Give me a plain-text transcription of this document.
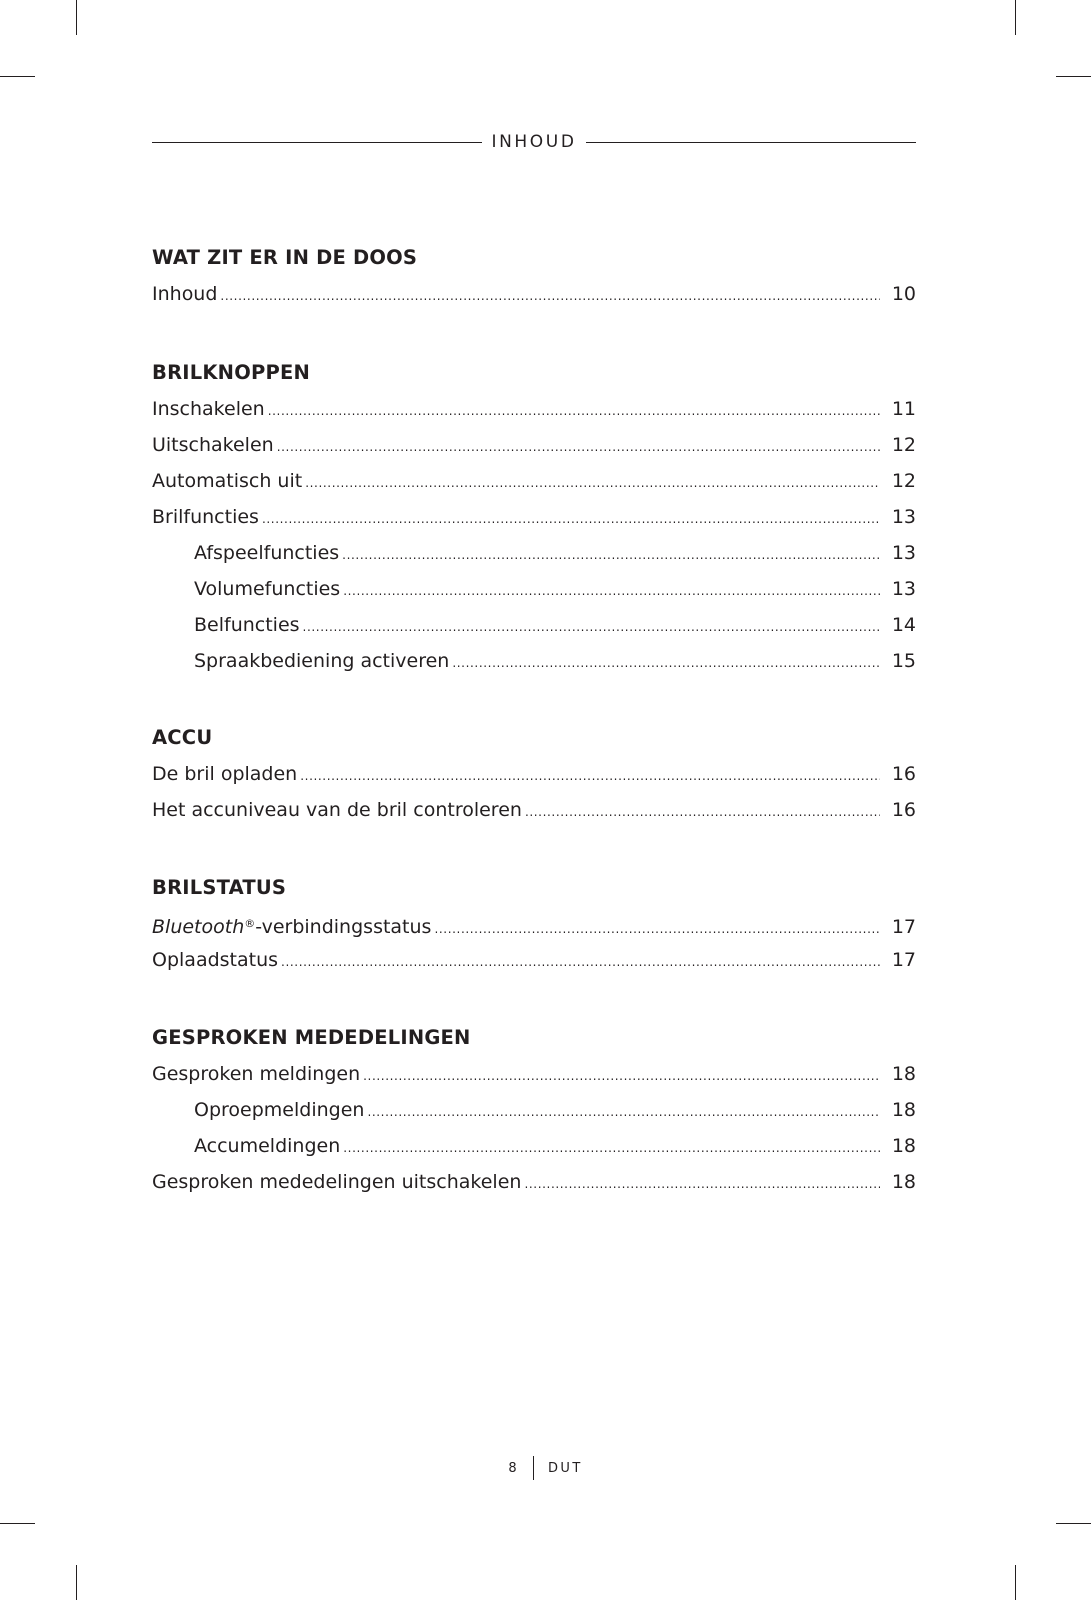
INHOUD
WAT ZIT ER IN DE DOOS
Inhoud .....	10
BRILKNOPPEN
Inschakelen .....	11
Uitschakelen .....	12
Automatisch uit .....	12
Brilfuncties .....	13
Afspeelfuncties .....	13
Volumefuncties .....	13
Belfuncties .....	14
Spraakbediening activeren .....	15
ACCU
De bril opladen .....	16
Het accuniveau van de bril controleren .....	16
BRILSTATUS
Bluetooth®-verbindingsstatus .....	17
Oplaadstatus .....	17
GESPROKEN MEDEDELINGEN
Gesproken meldingen .....	18
Oproepmeldingen .....	18
Accumeldingen .....	18
Gesproken mededelingen uitschakelen .....	18
8 DUT
